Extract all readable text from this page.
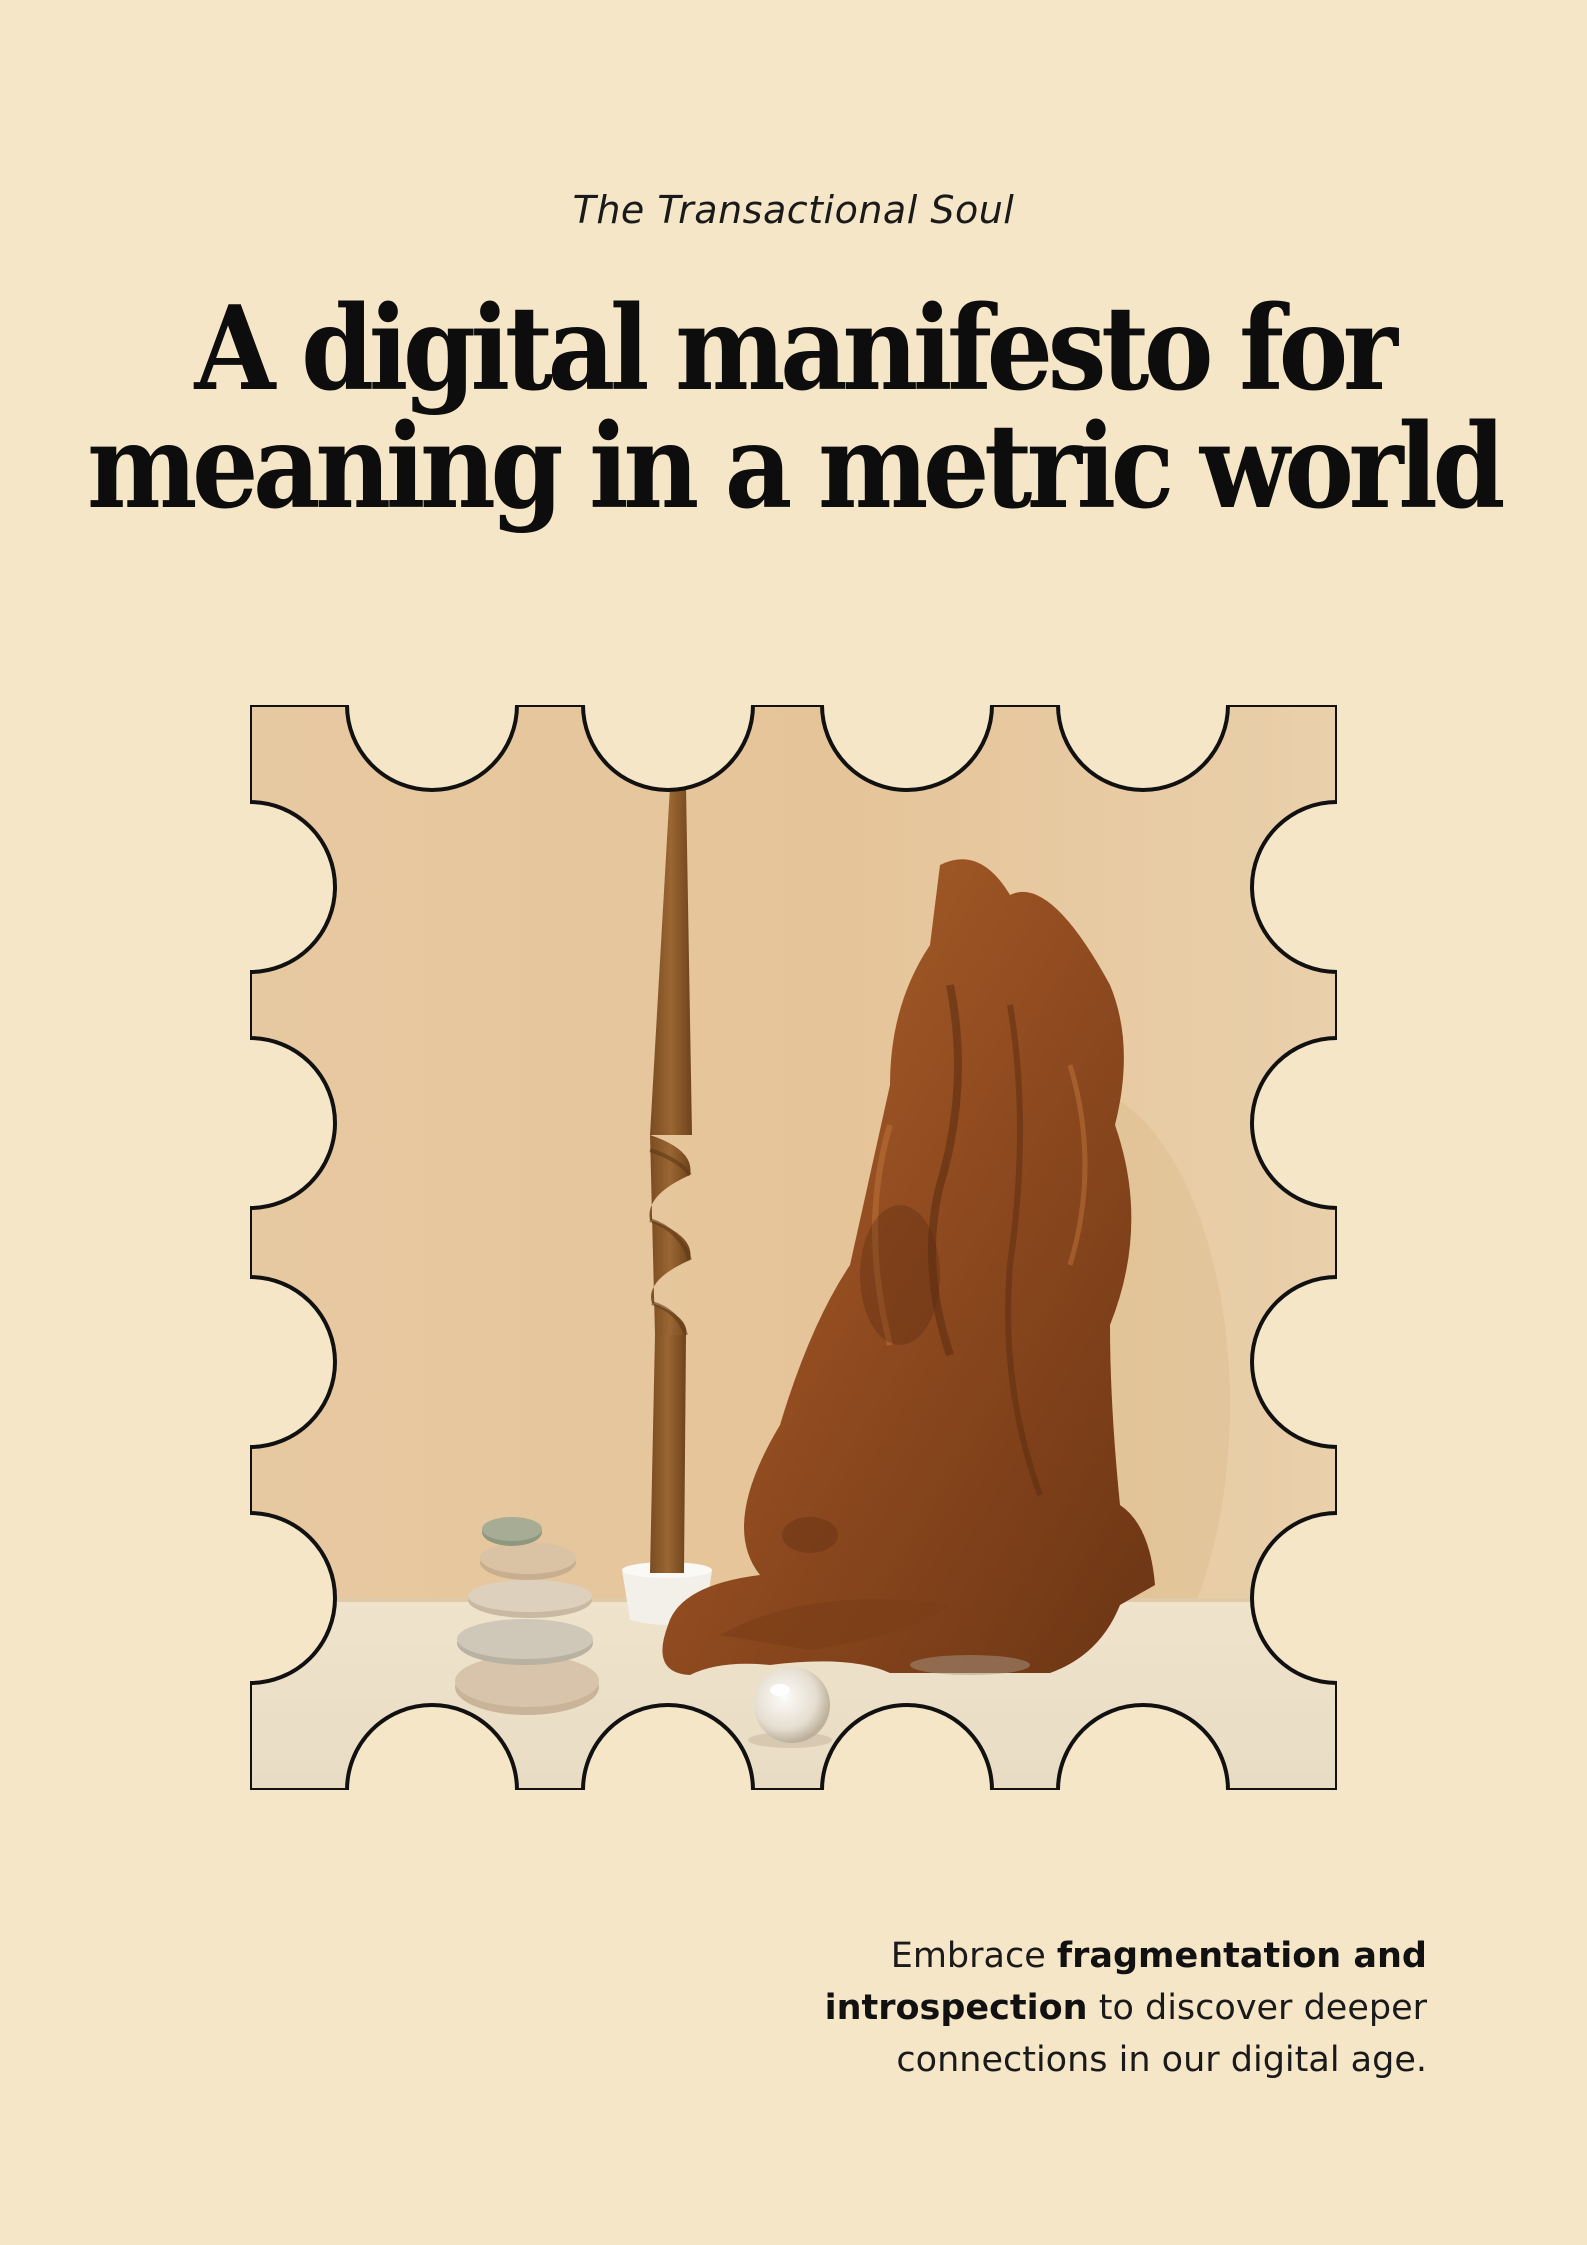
The Transactional Soul
A digital manifesto for
meaning in a metric world
Embrace fragmentation and introspection to discover deeper connections in our digital age.
